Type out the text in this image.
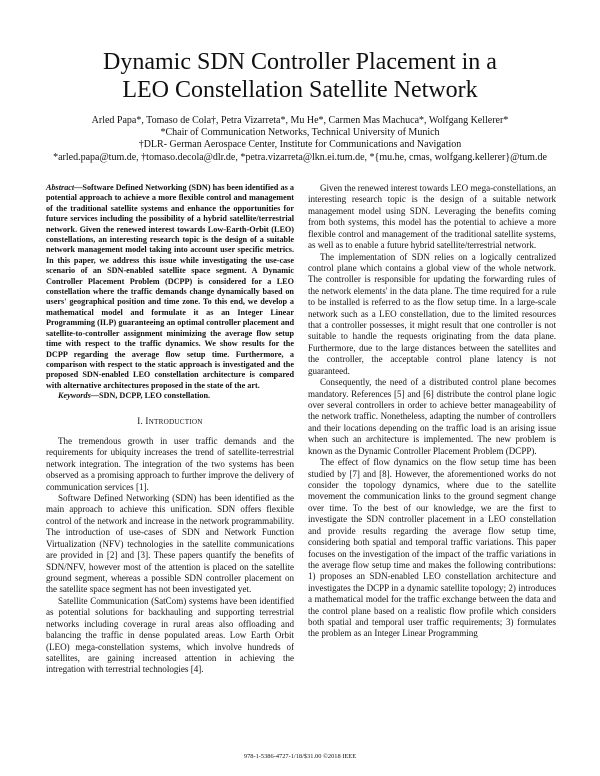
Dynamic SDN Controller Placement in a
LEO Constellation Satellite Network
Arled Papa*, Tomaso de Cola†, Petra Vizarreta*, Mu He*, Carmen Mas Machuca*, Wolfgang Kellerer*
*Chair of Communication Networks, Technical University of Munich
†DLR- German Aerospace Center, Institute for Communications and Navigation
*arled.papa@tum.de, †tomaso.decola@dlr.de, *petra.vizarreta@lkn.ei.tum.de, *{mu.he, cmas, wolfgang.kellerer}@tum.de
Abstract—Software Defined Networking (SDN) has been identified as a potential approach to achieve a more flexible control and management of the traditional satellite systems and enhance the opportunities for future services including the possibility of a hybrid satellite/terrestrial network. Given the renewed interest towards Low-Earth-Orbit (LEO) constellations, an interesting research topic is the design of a suitable network management model taking into account user specific metrics. In this paper, we address this issue while investigating the use-case scenario of an SDN-enabled satellite space segment. A Dynamic Controller Placement Problem (DCPP) is considered for a LEO constellation where the traffic demands change dynamically based on users' geographical position and time zone. To this end, we develop a mathematical model and formulate it as an Integer Linear Programming (ILP) guaranteeing an optimal controller placement and satellite-to-controller assignment minimizing the average flow setup time with respect to the traffic dynamics. We show results for the DCPP regarding the average flow setup time. Furthermore, a comparison with respect to the static approach is investigated and the proposed SDN-enabled LEO constellation architecture is compared with alternative architectures proposed in the state of the art.
Keywords—SDN, DCPP, LEO constellation.
I. INTRODUCTION

The tremendous growth in user traffic demands and the requirements for ubiquity increases the trend of satellite-terrestrial network integration. The integration of the two systems has been observed as a promising approach to further improve the delivery of communication services [1].

Software Defined Networking (SDN) has been identified as the main approach to achieve this unification. SDN offers flexible control of the network and increase in the network programmability. The introduction of use-cases of SDN and Network Function Virtualization (NFV) technologies in the satellite communications are provided in [2] and [3]. These papers quantify the benefits of SDN/NFV, however most of the attention is placed on the satellite ground segment, whereas a possible SDN controller placement on the satellite space segment has not been investigated yet.

Satellite Communication (SatCom) systems have been identified as potential solutions for backhauling and supporting terrestrial networks including coverage in rural areas also offloading and balancing the traffic in dense populated areas. Low Earth Orbit (LEO) mega-constellation systems, which involve hundreds of satellites, are gaining increased attention in achieving the intregation with terrestrial technologies [4].

Given the renewed interest towards LEO mega-constellations, an interesting research topic is the design of a suitable network management model using SDN. Leveraging the benefits coming from both systems, this model has the potential to achieve a more flexible control and management of the traditional satellite systems, as well as to enable a future hybrid satellite/terrestrial network.

The implementation of SDN relies on a logically centralized control plane which contains a global view of the whole network. The controller is responsible for updating the forwarding rules of the network elements' in the data plane. The time required for a rule to be installed is referred to as the flow setup time. In a large-scale network such as a LEO constellation, due to the limited resources that a controller possesses, it might result that one controller is not suitable to handle the requests originating from the data plane. Furthermore, due to the large distances between the satellites and the controller, the acceptable control plane latency is not guaranteed.

Consequently, the need of a distributed control plane becomes mandatory. References [5] and [6] distribute the control plane logic over several controllers in order to achieve better manageability of the network traffic. Nonetheless, adapting the number of controllers and their locations depending on the traffic load is an arising issue when such an architecture is implemented. The new problem is known as the Dynamic Controller Placement Problem (DCPP).

The effect of flow dynamics on the flow setup time has been studied by [7] and [8]. However, the aforementioned works do not consider the topology dynamics, where due to the satellite movement the communication links to the ground segment change over time. To the best of our knowledge, we are the first to investigate the SDN controller placement in a LEO constellation and provide results regarding the average flow setup time, considering both spatial and temporal traffic variations. This paper focuses on the investigation of the impact of the traffic variations in the average flow setup time and makes the following contributions: 1) proposes an SDN-enabled LEO constellation architecture and investigates the DCPP in a dynamic satellite topology; 2) introduces a mathematical model for the traffic exchange between the data and the control plane based on a realistic flow profile which considers both spatial and temporal user traffic requirements; 3) formulates the problem as an Integer Linear Programming

978-1-5386-4727-1/18/$31.00 ©2018 IEEE
